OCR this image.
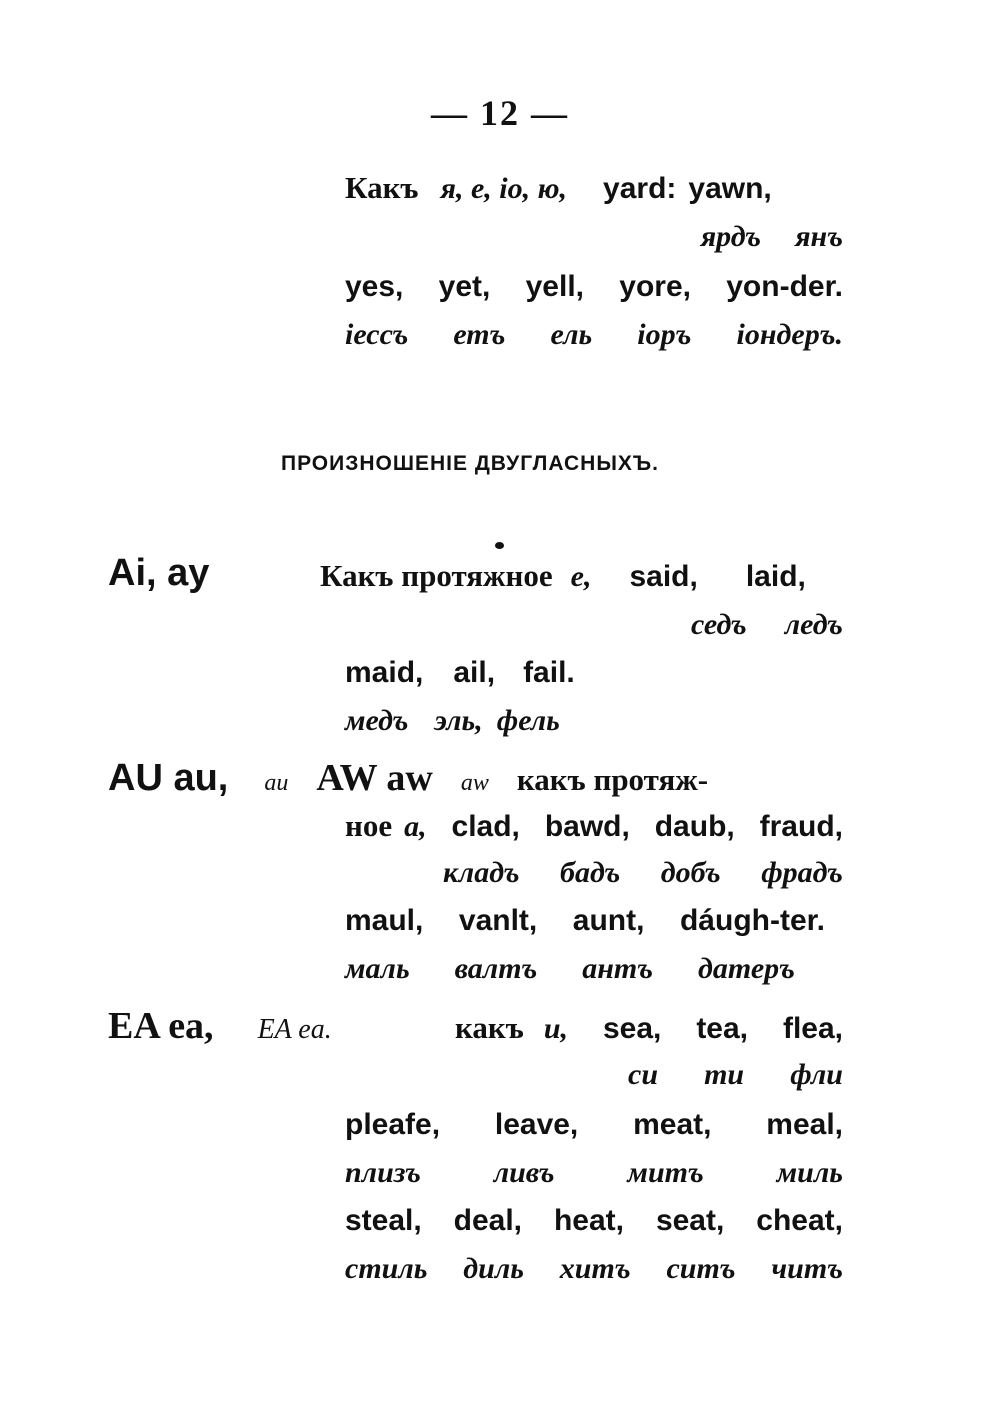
— 12 —
Какъ я, е, іо, ю, yard: yawn,
ярдъ янъ
yes, yet, yell, yore, yon-der.
іессъ етъ ель іоръ іондеръ.
ПРОИЗНОШЕНІЕ ДВУГЛАСНЫХЪ.
Ai, ay	Какъ протяжное е, said, laid,
седъ ледъ
maid, ail, fail.
медъ эль, фель
AU au, au AW aw aw какъ протяж-
ное а, clad, bawd, daub, fraud,
кладъ бадъ добъ фрадъ
maul, vanlt, aunt, dáugh-ter.
маль валтъ антъ датеръ
EA ea, EA ea.	какъ и, sea, tea, flea,
си ти фли
pleafe, leave, meat, meal,
плизъ ливъ митъ миль
steal, deal, heat, seat, cheat,
стиль диль хитъ ситъ читъ
